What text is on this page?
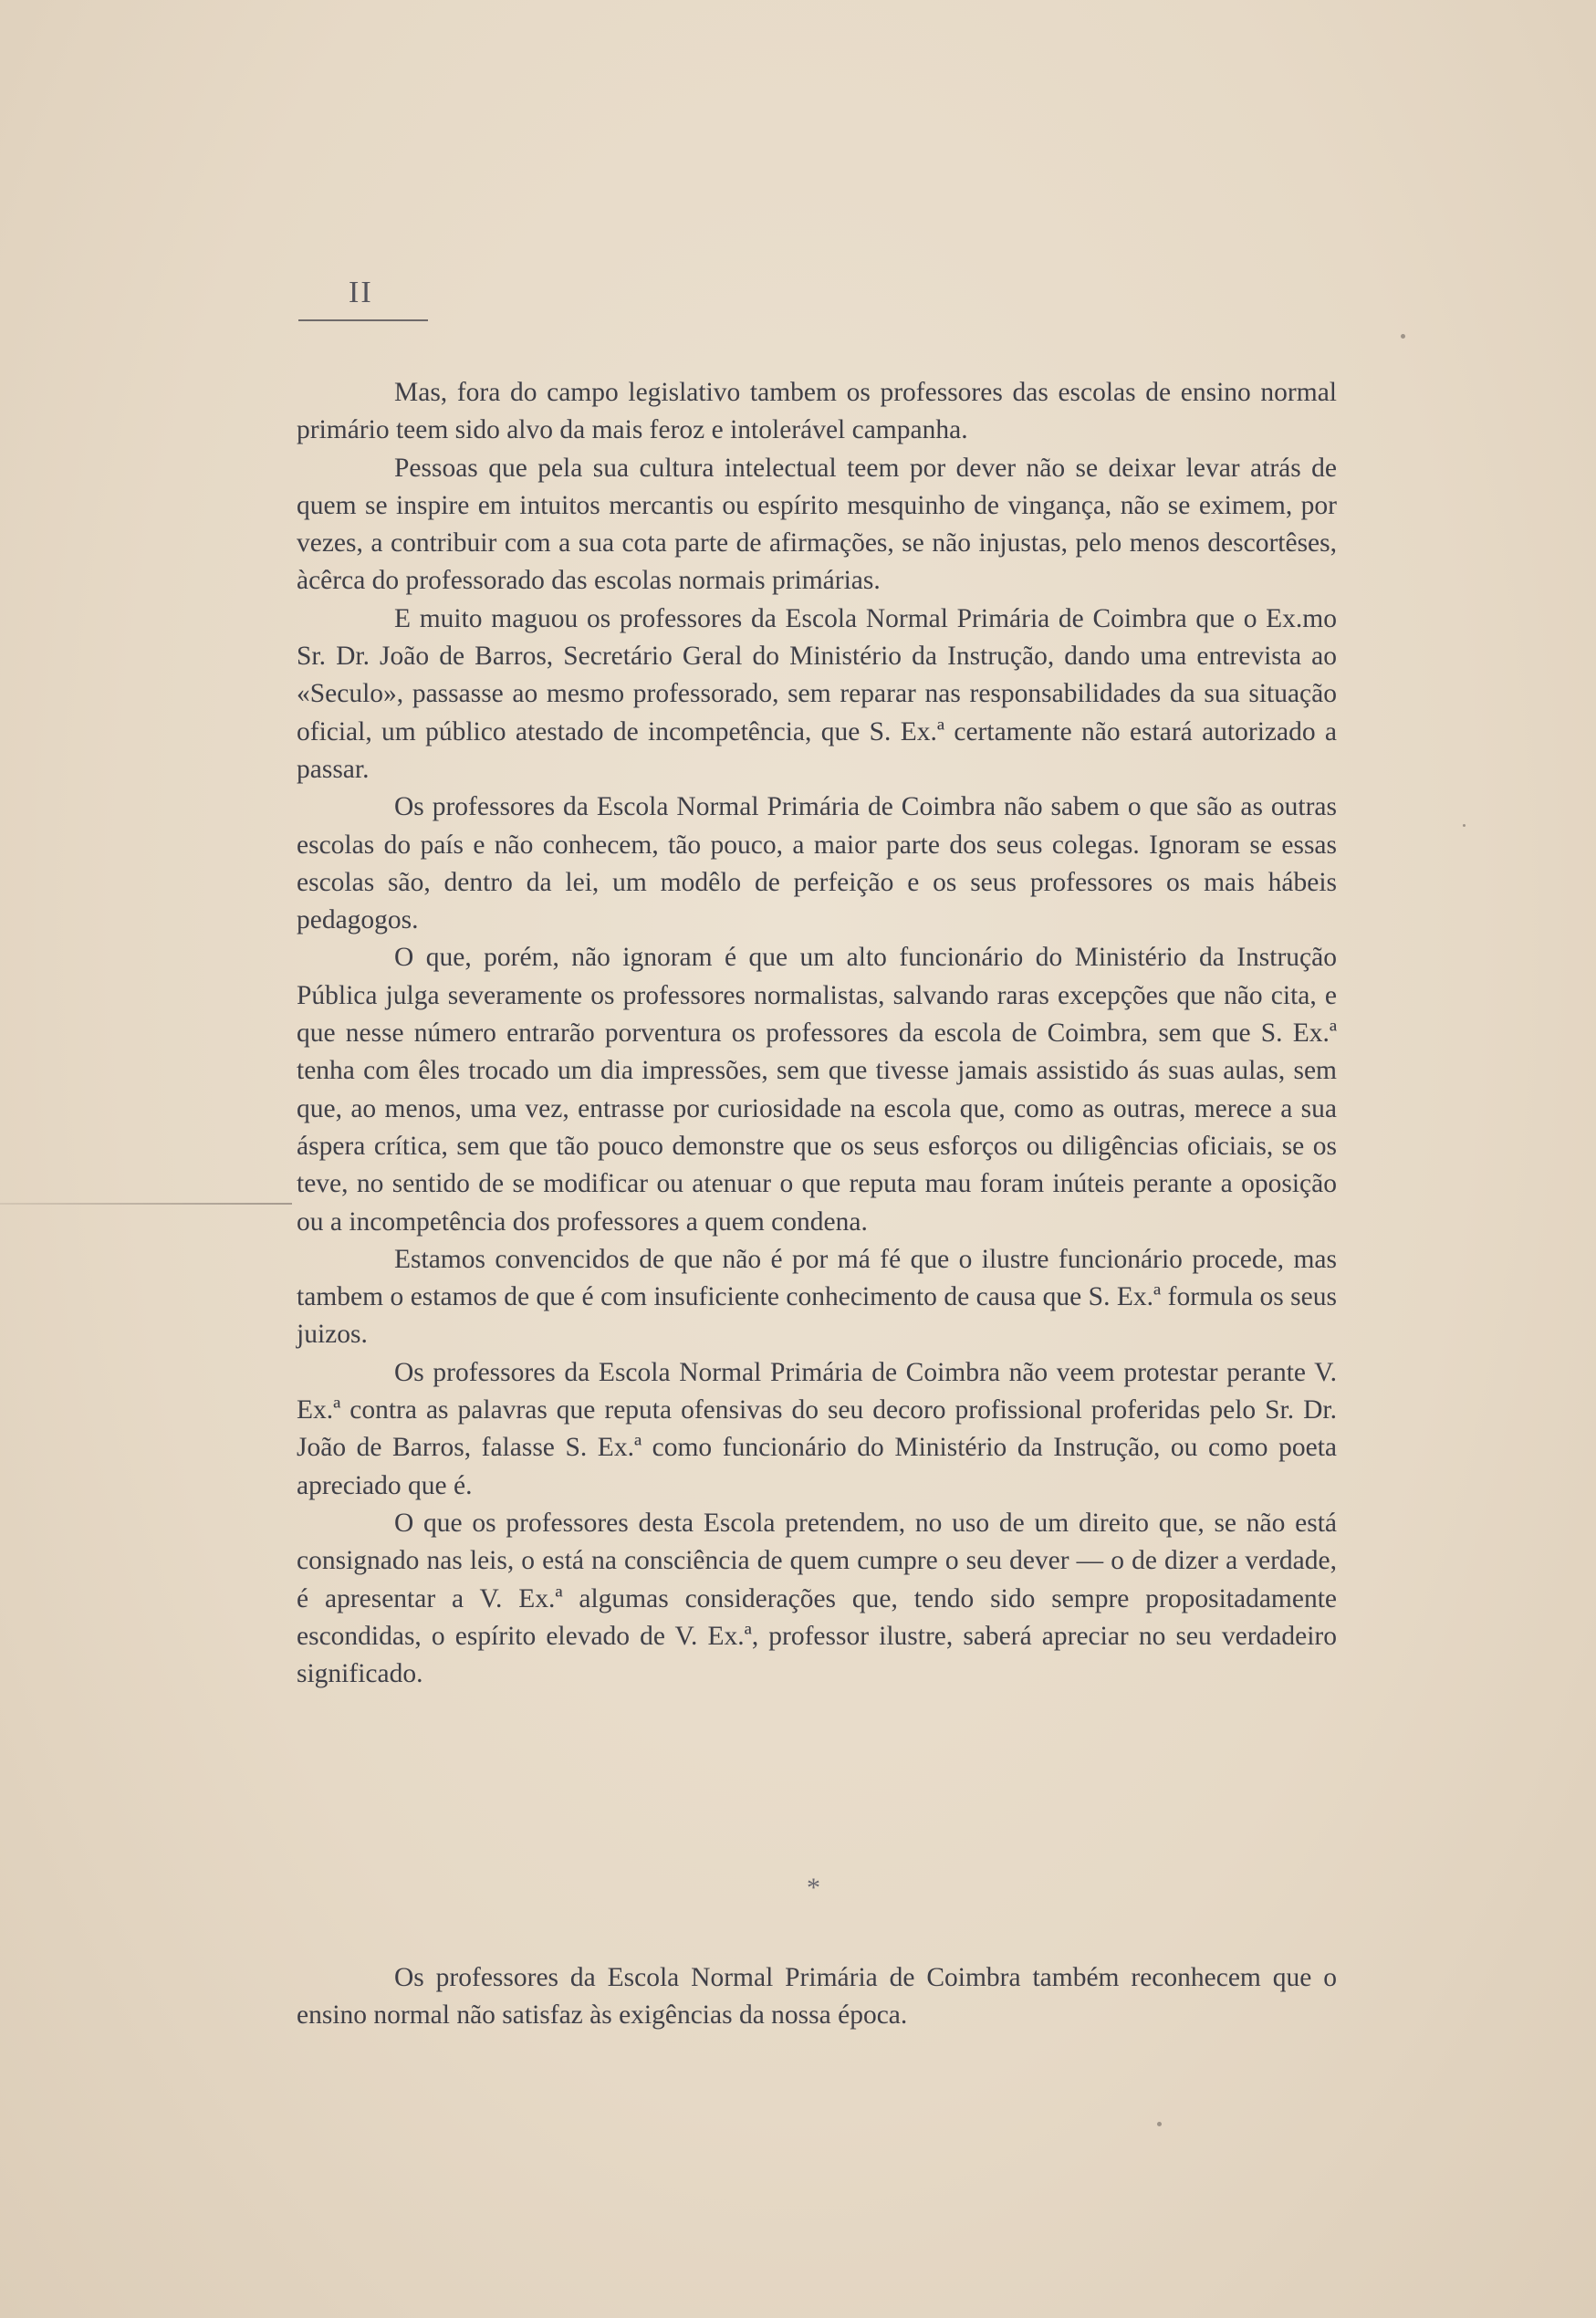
II

Mas, fora do campo legislativo tambem os professores das escolas de ensino normal primário teem sido alvo da mais feroz e intolerável campanha.

Pessoas que pela sua cultura intelectual teem por dever não se deixar levar atrás de quem se inspire em intuitos mercantis ou espírito mesquinho de vingança, não se eximem, por vezes, a contribuir com a sua cota parte de afirmações, se não injustas, pelo menos descortêses, àcêrca do professorado das escolas normais primárias.

E muito maguou os professores da Escola Normal Primária de Coimbra que o Ex.mo Sr. Dr. João de Barros, Secretário Geral do Ministério da Instrução, dando uma entrevista ao «Seculo», passasse ao mesmo professorado, sem reparar nas responsabilidades da sua situação oficial, um público atestado de incompetência, que S. Ex.ª certamente não estará autorizado a passar.

Os professores da Escola Normal Primária de Coimbra não sabem o que são as outras escolas do país e não conhecem, tão pouco, a maior parte dos seus colegas. Ignoram se essas escolas são, dentro da lei, um modêlo de perfeição e os seus professores os mais hábeis pedagogos.

O que, porém, não ignoram é que um alto funcionário do Ministério da Instrução Pública julga severamente os professores normalistas, salvando raras excepções que não cita, e que nesse número entrarão porventura os professores da escola de Coimbra, sem que S. Ex.ª tenha com êles trocado um dia impressões, sem que tivesse jamais assistido ás suas aulas, sem que, ao menos, uma vez, entrasse por curiosidade na escola que, como as outras, merece a sua áspera crítica, sem que tão pouco demonstre que os seus esforços ou diligências oficiais, se os teve, no sentido de se modificar ou atenuar o que reputa mau foram inúteis perante a oposição ou a incompetência dos professores a quem condena.

Estamos convencidos de que não é por má fé que o ilustre funcionário procede, mas tambem o estamos de que é com insuficiente conhecimento de causa que S. Ex.ª formula os seus juizos.

Os professores da Escola Normal Primária de Coimbra não veem protestar perante V. Ex.ª contra as palavras que reputa ofensivas do seu decoro profissional proferidas pelo Sr. Dr. João de Barros, falasse S. Ex.ª como funcionário do Ministério da Instrução, ou como poeta apreciado que é.

O que os professores desta Escola pretendem, no uso de um direito que, se não está consignado nas leis, o está na consciência de quem cumpre o seu dever — o de dizer a verdade, é apresentar a V. Ex.ª algumas considerações que, tendo sido sempre propositadamente escondidas, o espírito elevado de V. Ex.ª, professor ilustre, saberá apreciar no seu verdadeiro significado.

*

Os professores da Escola Normal Primária de Coimbra também reconhecem que o ensino normal não satisfaz às exigências da nossa época.
